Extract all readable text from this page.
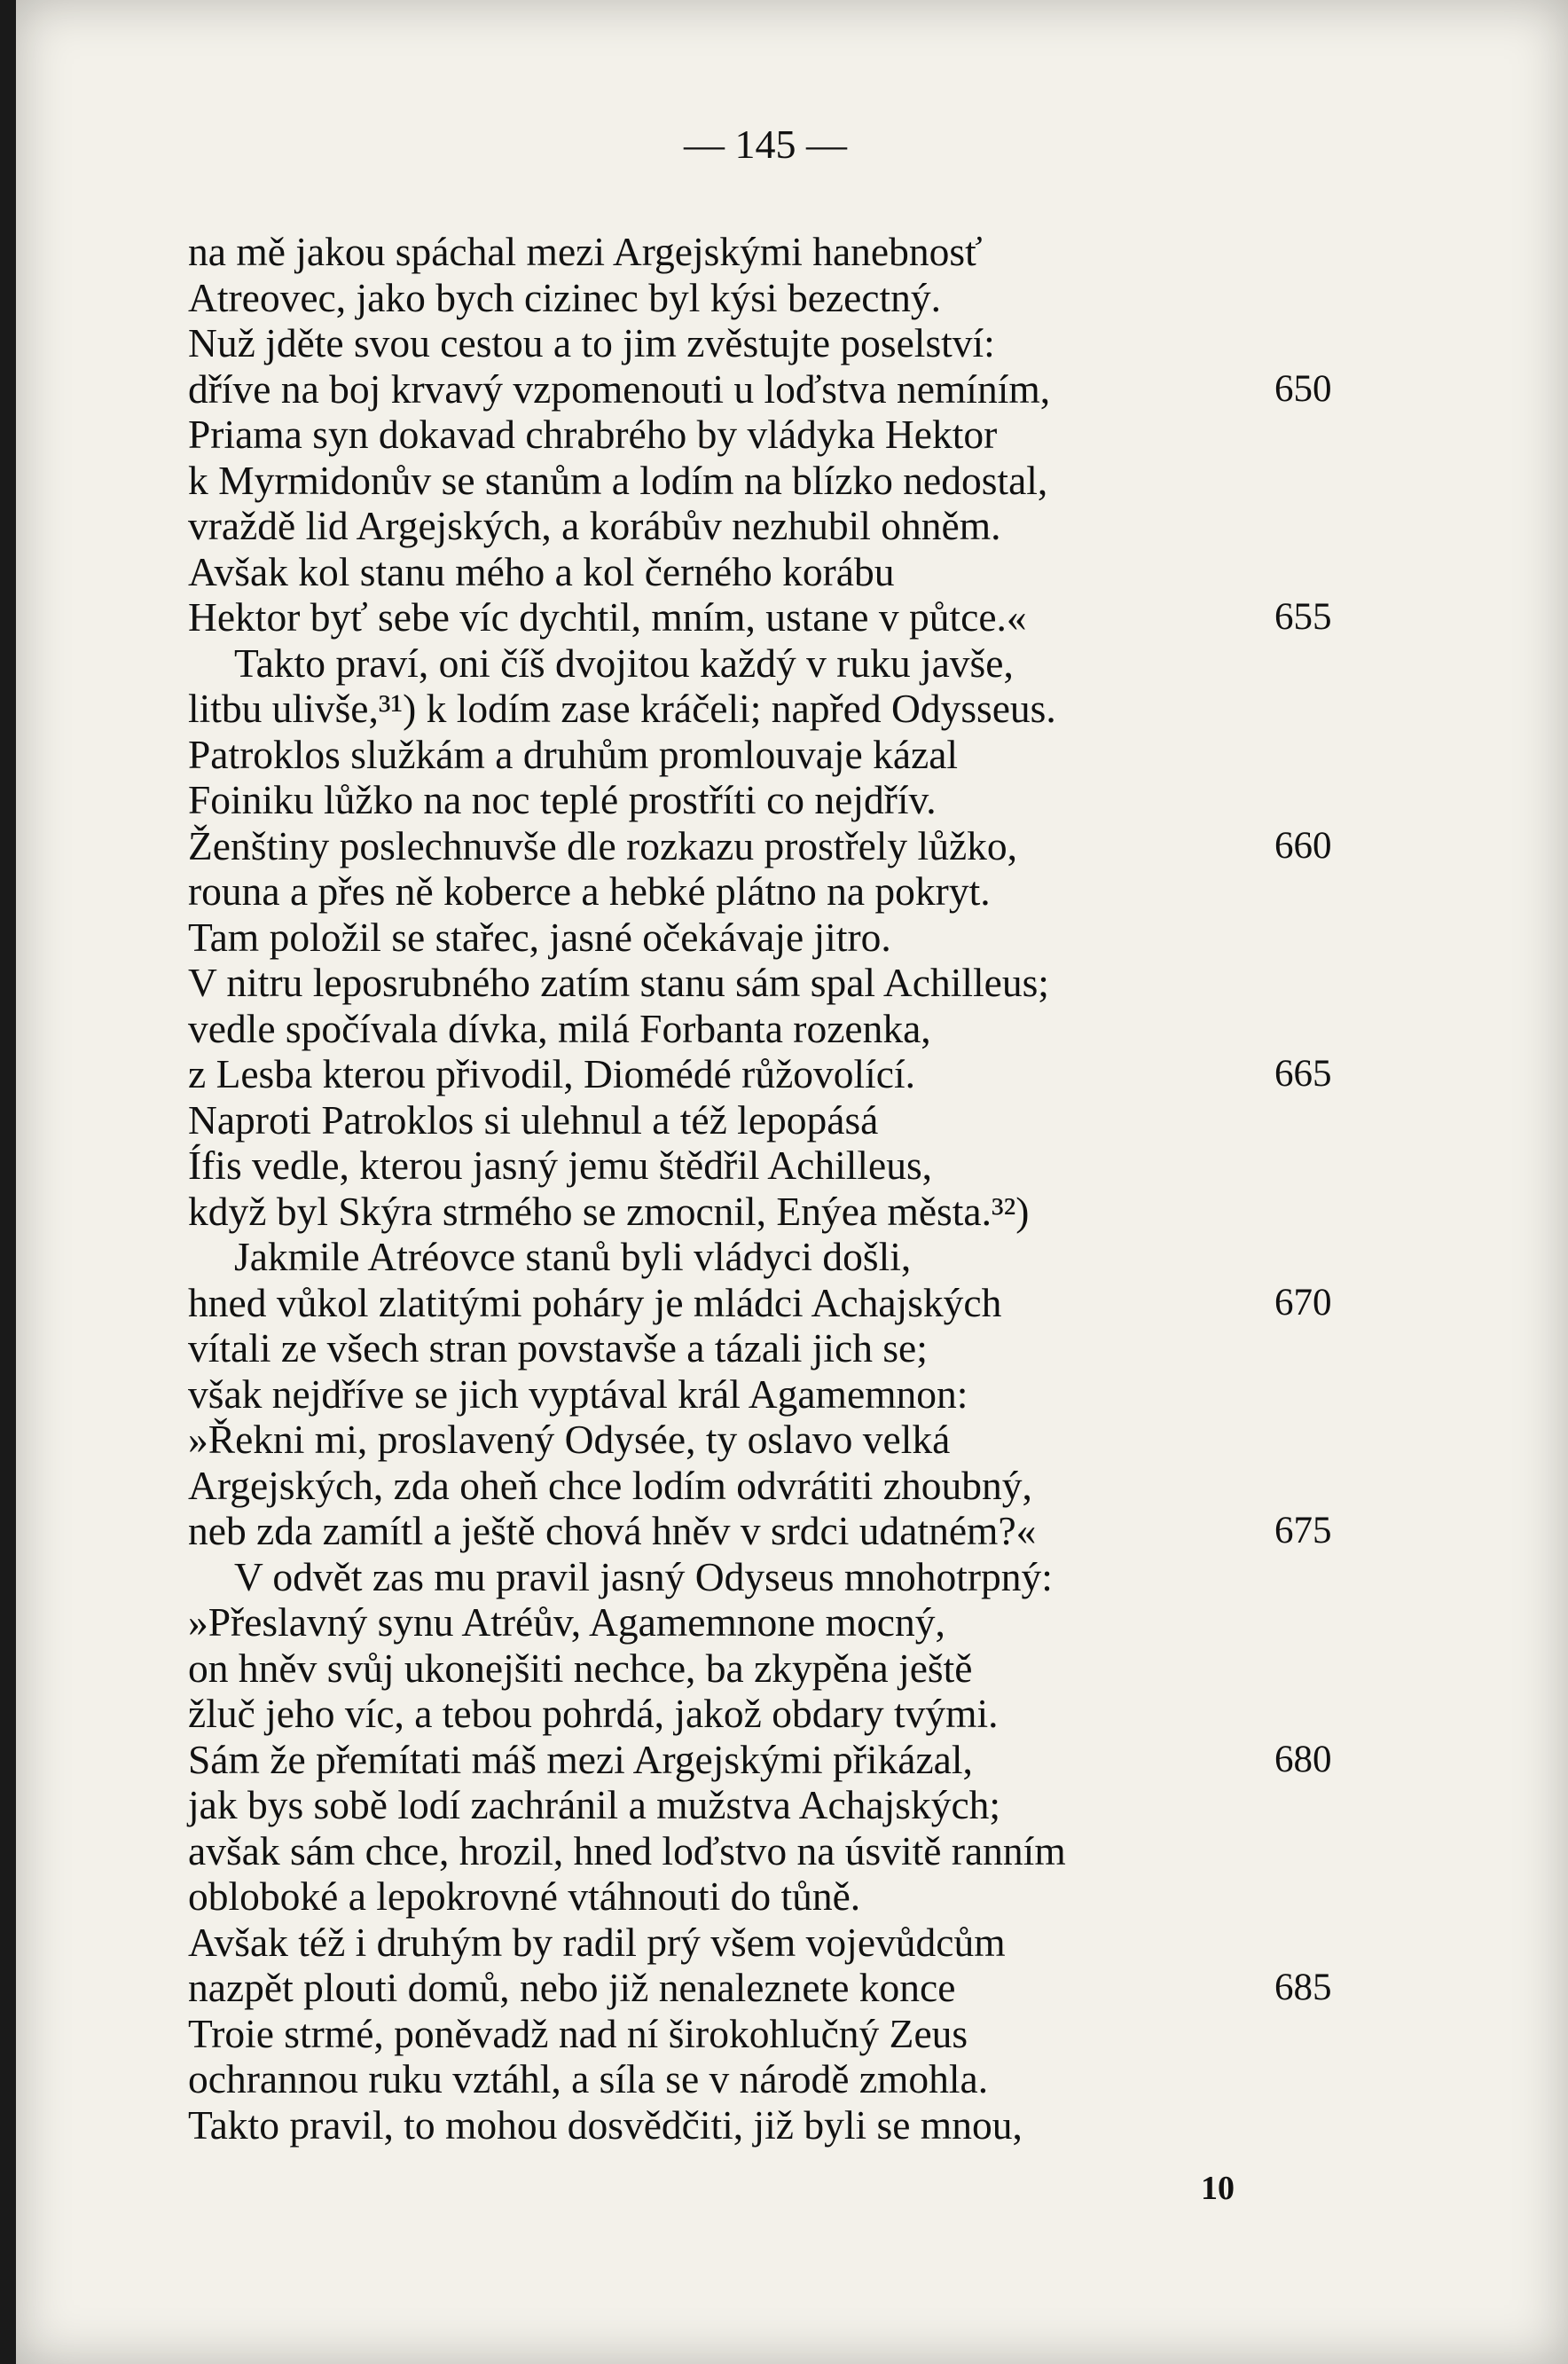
— 145 —
na mě jakou spáchal mezi Argejskými hanebnosť
Atreovec, jako bych cizinec byl kýsi bezectný.
Nuž jděte svou cestou a to jim zvěstujte poselství:
dříve na boj krvavý vzpomenouti u loďstva nemíním,	650
Priama syn dokavad chrabrého by vládyka Hektor
k Myrmidonův se stanům a lodím na blízko nedostal,
vraždě lid Argejských, a korábův nezhubil ohněm.
Avšak kol stanu mého a kol černého korábu
Hektor byť sebe víc dychtil, mním, ustane v půtce.«	655
Takto praví, oni číš dvojitou každý v ruku javše,
litbu ulivše,³¹) k lodím zase kráčeli; napřed Odysseus.
Patroklos služkám a druhům promlouvaje kázal
Foiniku lůžko na noc teplé prostříti co nejdřív.
Ženštiny poslechnuvše dle rozkazu prostřely lůžko,	660
rouna a přes ně koberce a hebké plátno na pokryt.
Tam položil se stařec, jasné očekávaje jitro.
V nitru leposrubného zatím stanu sám spal Achilleus;
vedle spočívala dívka, milá Forbanta rozenka,
z Lesba kterou přivodil, Diomédé růžovolící.	665
Naproti Patroklos si ulehnul a též lepopásá
Ífis vedle, kterou jasný jemu štědřil Achilleus,
když byl Skýra strmého se zmocnil, Enýea města.³²)
Jakmile Atréovce stanů byli vládyci došli,
hned vůkol zlatitými poháry je mládci Achajských	670
vítali ze všech stran povstavše a tázali jich se;
však nejdříve se jich vyptával král Agamemnon:
»Řekni mi, proslavený Odysée, ty oslavo velká
Argejských, zda oheň chce lodím odvrátiti zhoubný,
neb zda zamítl a ještě chová hněv v srdci udatném?«	675
V odvět zas mu pravil jasný Odyseus mnohotrpný:
»Přeslavný synu Atréův, Agamemnone mocný,
on hněv svůj ukonejšiti nechce, ba zkypěna ještě
žluč jeho víc, a tebou pohrdá, jakož obdary tvými.
Sám že přemítati máš mezi Argejskými přikázal,	680
jak bys sobě lodí zachránil a mužstva Achajských;
avšak sám chce, hrozil, hned loďstvo na úsvitě ranním
obloboké a lepokrovné vtáhnouti do tůně.
Avšak též i druhým by radil prý všem vojevůdcům
nazpět plouti domů, nebo již nenaleznete konce	685
Troie strmé, poněvadž nad ní širokohlučný Zeus
ochrannou ruku vztáhl, a síla se v národě zmohla.
Takto pravil, to mohou dosvědčiti, již byli se mnou,
10
